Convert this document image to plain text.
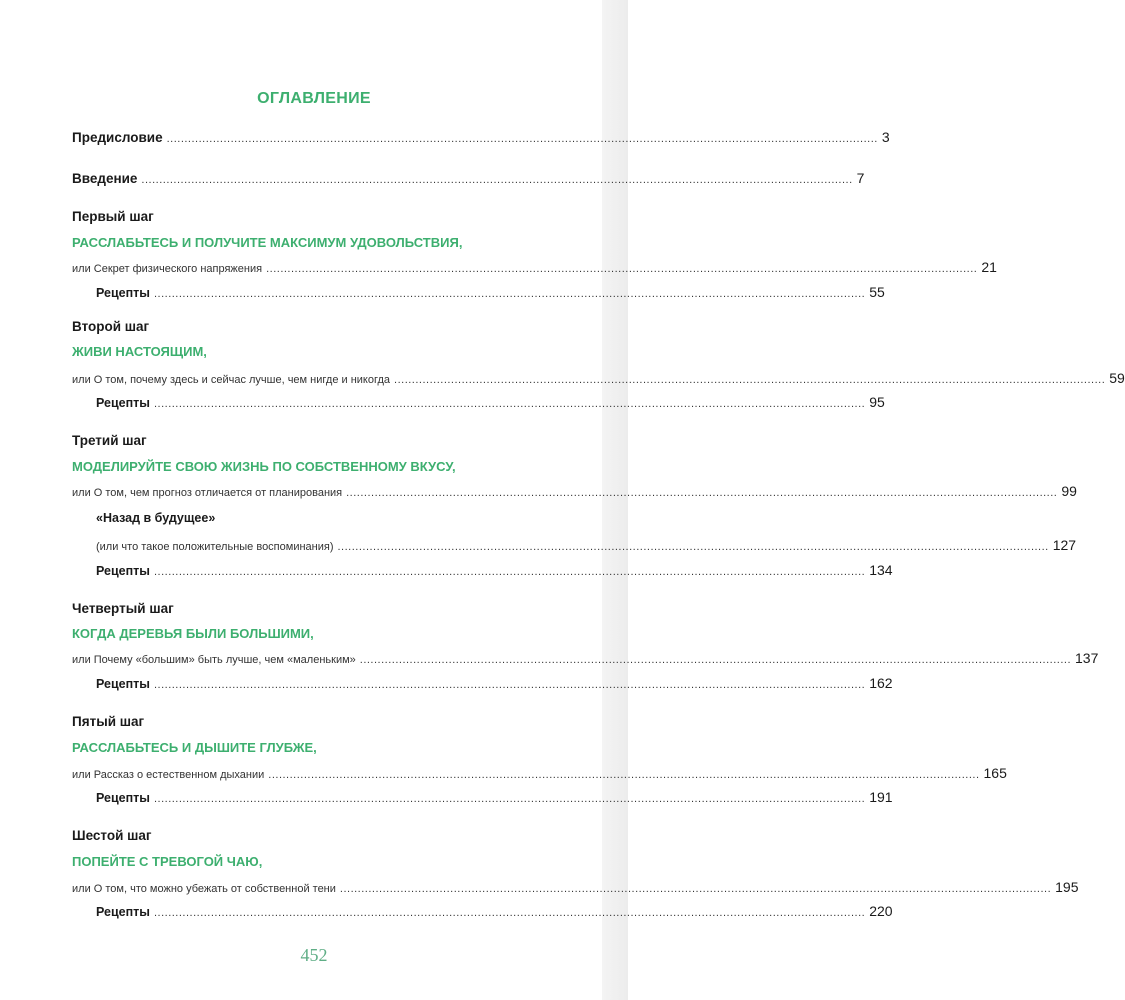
ОГЛАВЛЕНИЕ
Предисловие ........................................................................................................................................................................................................ 3
Введение ........................................................................................................................................................................................................ 7
Первый шаг
РАССЛАБЬТЕСЬ И ПОЛУЧИТЕ МАКСИМУМ УДОВОЛЬСТВИЯ,
или Секрет физического напряжения ........................................................................................................................................................................................................ 21
Рецепты ........................................................................................................................................................................................................ 55
Второй шаг
ЖИВИ НАСТОЯЩИМ,
или О том, почему здесь и сейчас лучше, чем нигде и никогда ........................................................................................................................................................................................................ 59
Рецепты ........................................................................................................................................................................................................ 95
Третий шаг
МОДЕЛИРУЙТЕ СВОЮ ЖИЗНЬ ПО СОБСТВЕННОМУ ВКУСУ,
или О том, чем прогноз отличается от планирования ........................................................................................................................................................................................................ 99
«Назад в будущее»
(или что такое положительные воспоминания) ........................................................................................................................................................................................................ 127
Рецепты ........................................................................................................................................................................................................ 134
Четвертый шаг
КОГДА ДЕРЕВЬЯ БЫЛИ БОЛЬШИМИ,
или Почему «большим» быть лучше, чем «маленьким» ........................................................................................................................................................................................................ 137
Рецепты ........................................................................................................................................................................................................ 162
Пятый шаг
РАССЛАБЬТЕСЬ И ДЫШИТЕ ГЛУБЖЕ,
или Рассказ о естественном дыхании ........................................................................................................................................................................................................ 165
Рецепты ........................................................................................................................................................................................................ 191
Шестой шаг
ПОПЕЙТЕ С ТРЕВОГОЙ ЧАЮ,
или О том, что можно убежать от собственной тени ........................................................................................................................................................................................................ 195
Рецепты ........................................................................................................................................................................................................ 220
452
